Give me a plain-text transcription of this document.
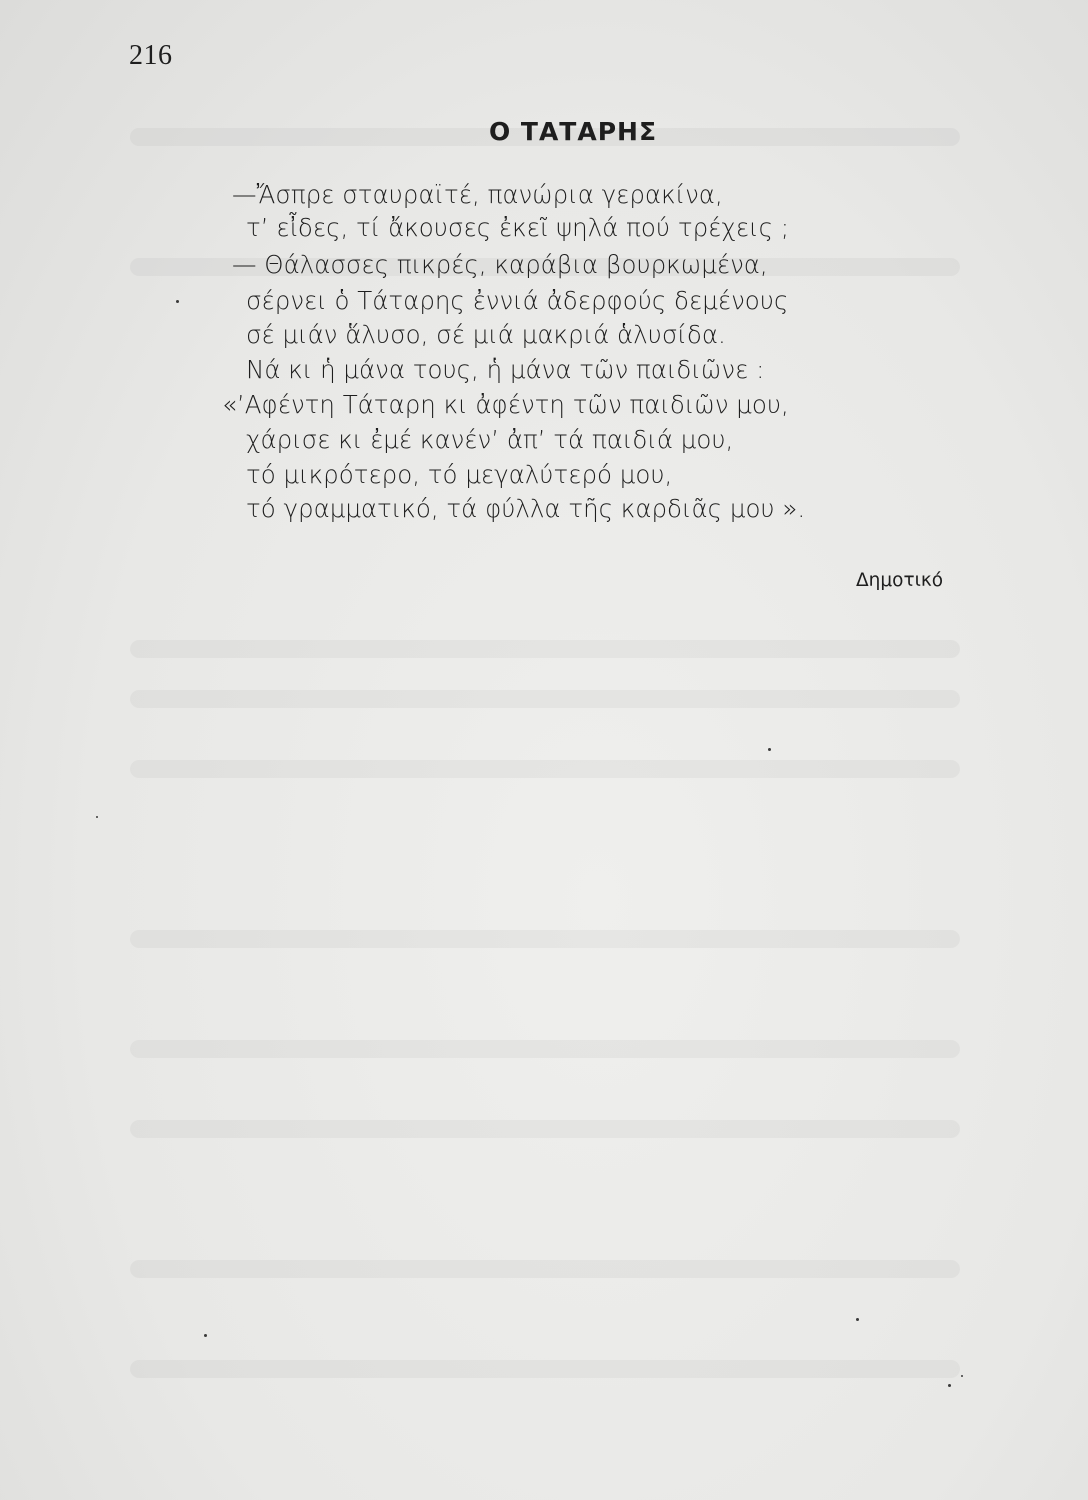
216
Ο ΤΑΤΑΡΗΣ
—Ἄσπρε σταυραϊτέ, πανώρια γερακίνα,
τ’ εἶδες, τί ἄκουσες ἐκεῖ ψηλά πού τρέχεις ;
— Θάλασσες πικρές, καράβια βουρκωμένα,
σέρνει ὁ Τάταρης ἐννιά ἀδερφούς δεμένους
σέ μιάν ἅλυσο, σέ μιά μακριά ἁλυσίδα.
Νά κι ἡ μάνα τους, ἡ μάνα τῶν παιδιῶνε :
«’Αφέντη Τάταρη κι ἀφέντη τῶν παιδιῶν μου,
χάρισε κι ἐμέ κανέν’ ἀπ’ τά παιδιά μου,
τό μικρότερο, τό μεγαλύτερό μου,
τό γραμματικό, τά φύλλα τῆς καρδιᾶς μου ».
Δημοτικό
